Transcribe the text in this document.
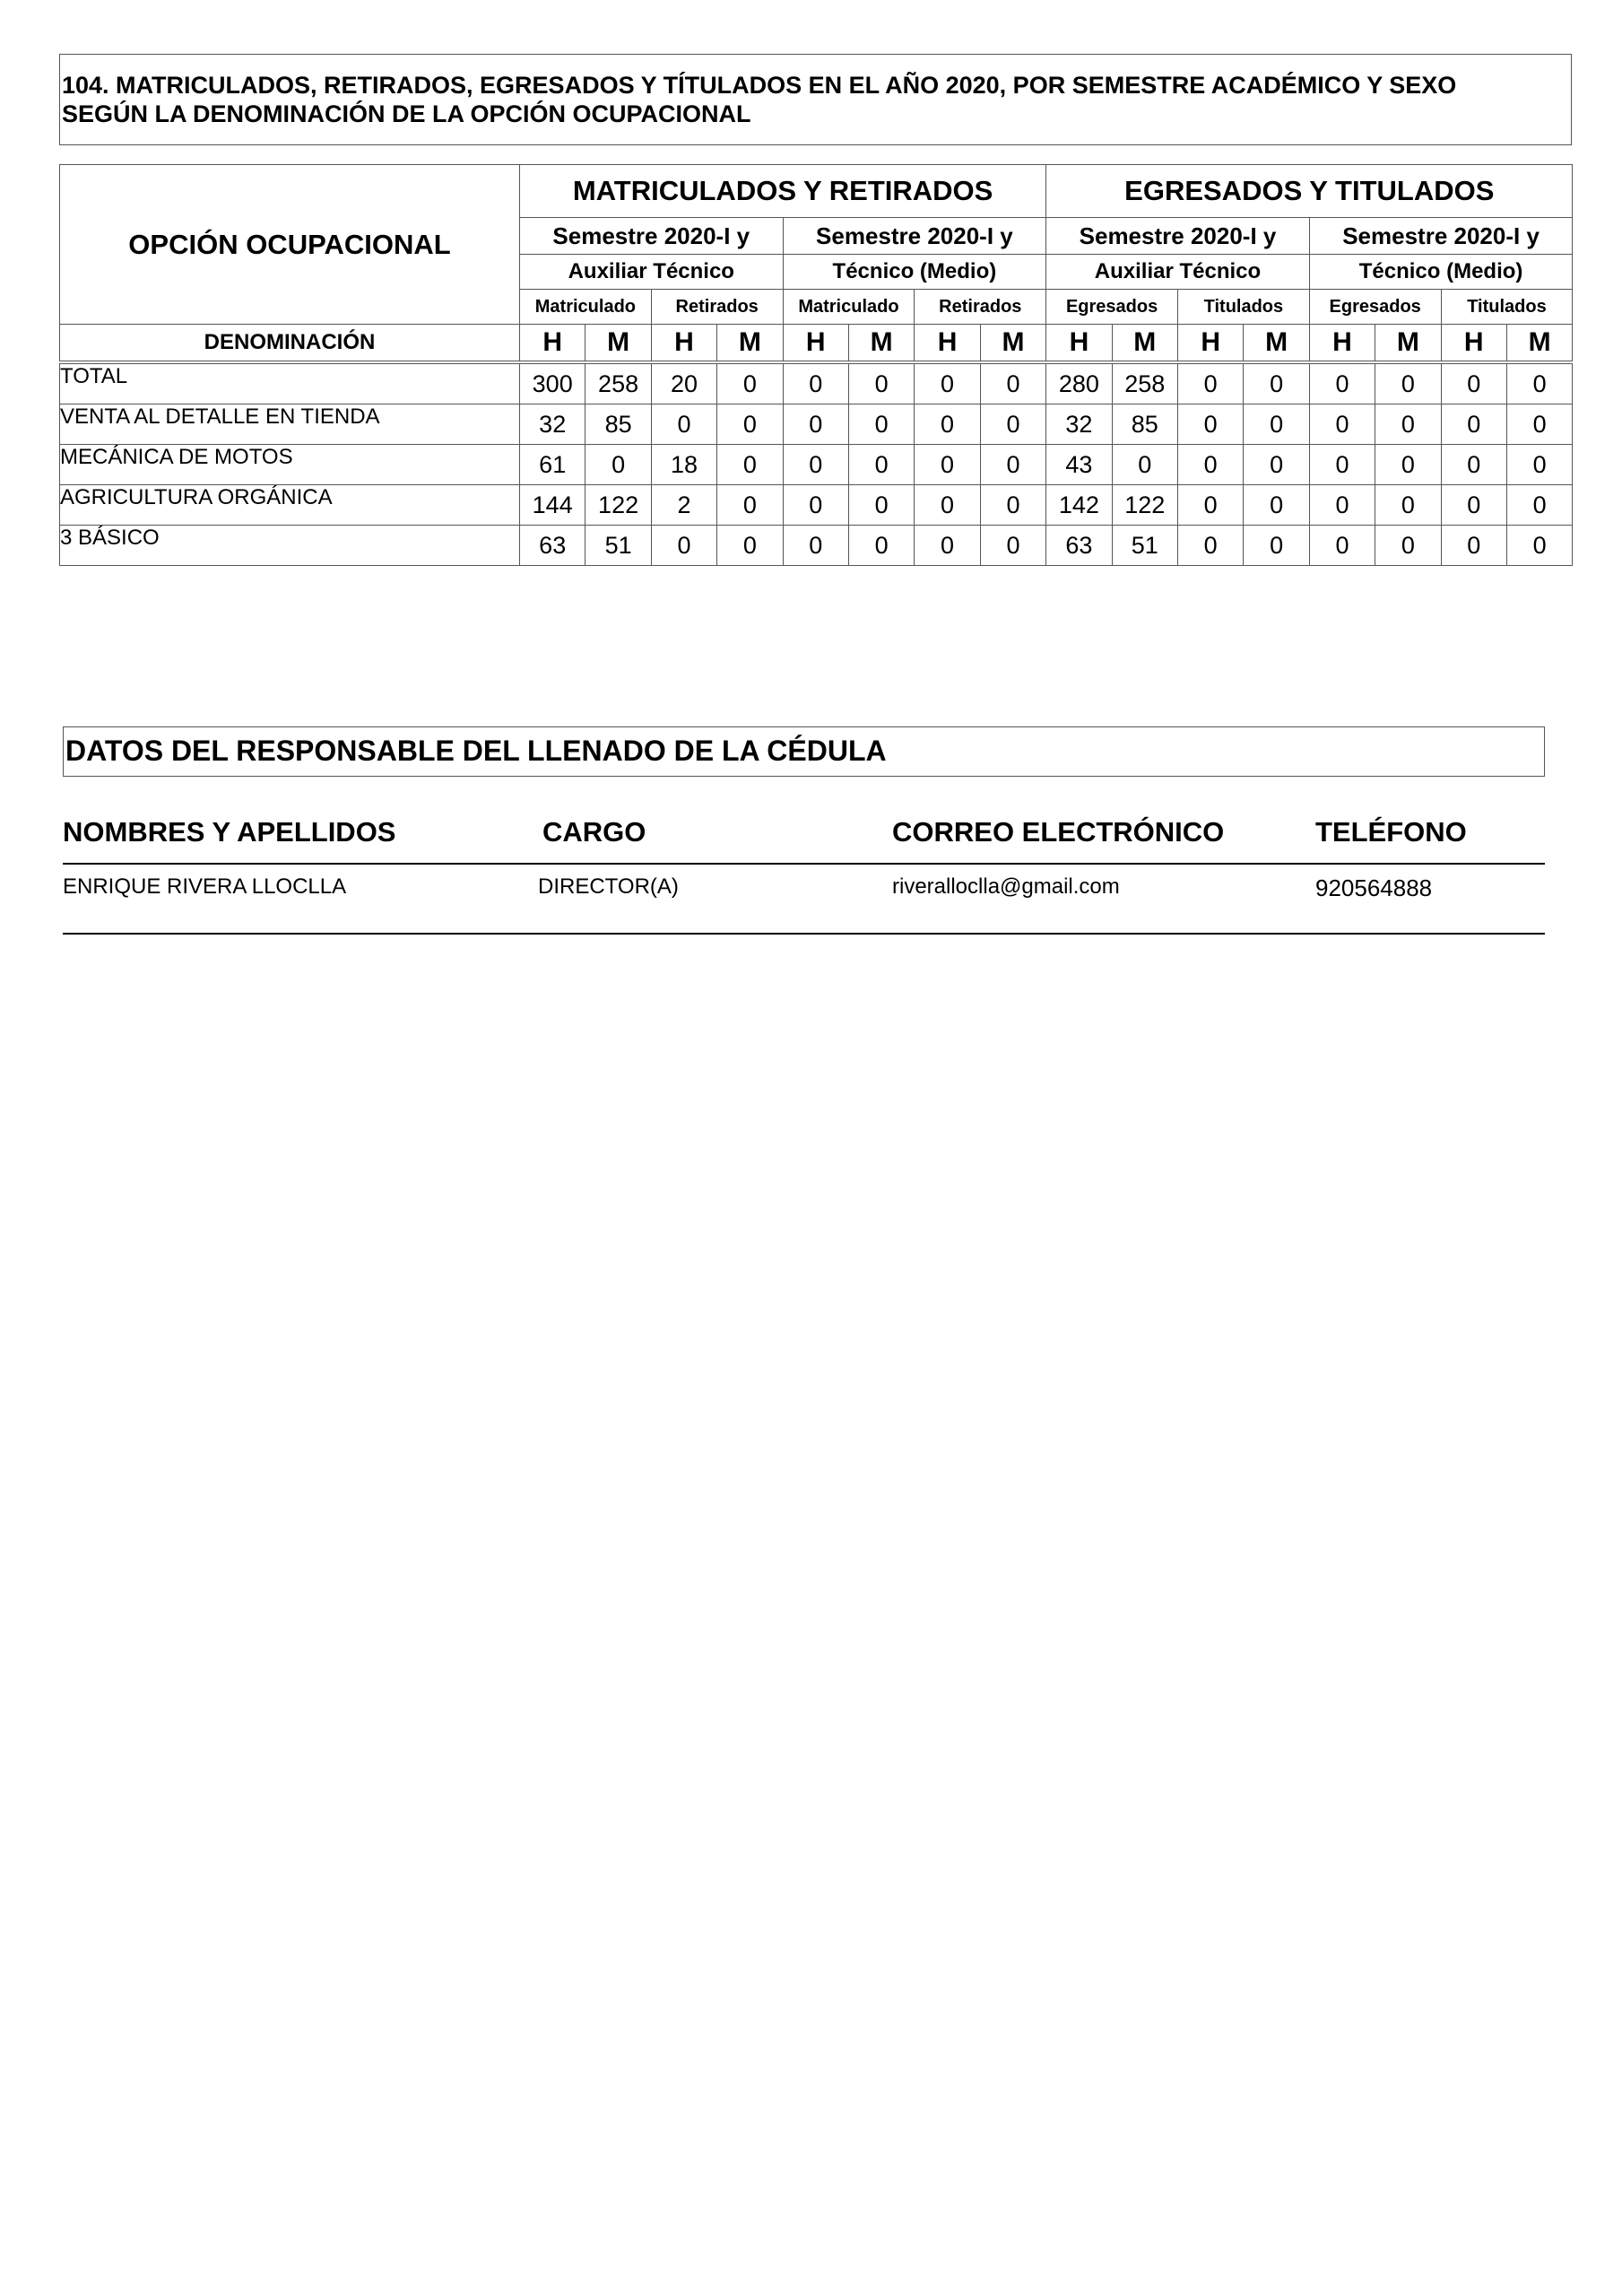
104. MATRICULADOS, RETIRADOS, EGRESADOS Y TÍTULADOS EN EL AÑO 2020, POR SEMESTRE ACADÉMICO Y SEXO
SEGÚN LA DENOMINACIÓN DE LA OPCIÓN OCUPACIONAL
OPCIÓN OCUPACIONAL	MATRICULADOS Y RETIRADOS								EGRESADOS Y TITULADOS							
	Semestre 2020-I y				Semestre 2020-I y				Semestre 2020-I y				Semestre 2020-I y			
	Auxiliar Técnico				Técnico (Medio)				Auxiliar Técnico				Técnico (Medio)			
	Matriculado		Retirados		Matriculado		Retirados		Egresados		Titulados		Egresados		Titulados	
DENOMINACIÓN	H	M	H	M	H	M	H	M	H	M	H	M	H	M	H	M
TOTAL	300	258	20	0	0	0	0	0	280	258	0	0	0	0	0	0
VENTA AL DETALLE EN TIENDA	32	85	0	0	0	0	0	0	32	85	0	0	0	0	0	0
MECÁNICA DE MOTOS	61	0	18	0	0	0	0	0	43	0	0	0	0	0	0	0
AGRICULTURA ORGÁNICA	144	122	2	0	0	0	0	0	142	122	0	0	0	0	0	0
3 BÁSICO	63	51	0	0	0	0	0	0	63	51	0	0	0	0	0	0
DATOS DEL RESPONSABLE DEL LLENADO DE LA CÉDULA
NOMBRES Y APELLIDOS	CARGO	CORREO ELECTRÓNICO	TELÉFONO
ENRIQUE RIVERA LLOCLLA	DIRECTOR(A)	riveralloclla@gmail.com	920564888
